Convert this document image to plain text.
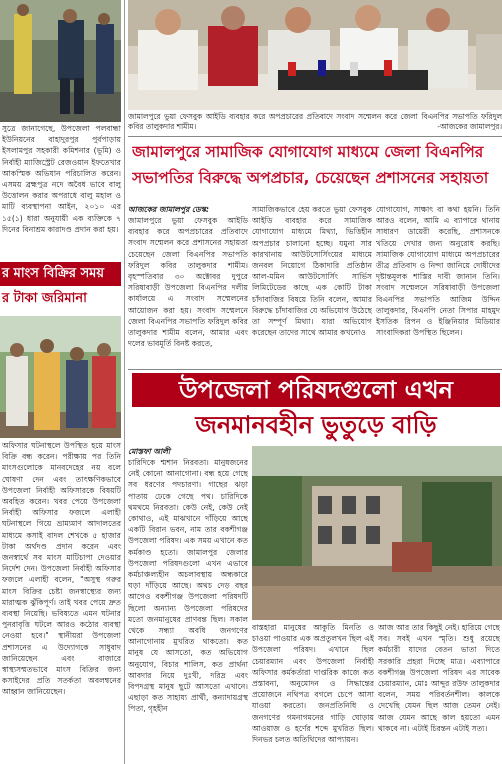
সুত্রে জানাগেছে, উপজেলা পলবান্ধা ইউনিয়নের বাহাদুরপুর পুর্বপাড়ায় ইসলামপুর সহকারী কমিশনার (ভূমি) ও নির্বাহী ম্যাজিস্ট্রেট রেজওয়ান ইফতেখার আকস্মিক অভিযান পরিচালিত করেন। এসময় ব্রহ্মপুত্র নদে অবৈধ ভাবে বালু উত্তোলন করার অপরাধে বালু মহাল ও মাটি ব্যবস্থাপনা আইন, ২০১০ এর ১৫(১) ধারা অনুযায়ী এক ব্যক্তিকে ৭ দিনের বিনাশ্রম কারাদণ্ড প্রদান করা হয়।
র মাংস বিক্রির সময়
র টাকা জরিমানা
অফিসার ঘটনাস্থলে উপস্থিত হয়ে মাংস বিক্রি বন্ধ করেন। পরীক্ষায় পর তিনি মাংসগুলোকে মানবদেহের নয় বলে ঘোষণা দেন এবং তাৎক্ষণিকভাবে উপজেলা নির্বাহী অফিসারকে বিষয়টি অবহিত করেন। খবর পেয়ে উপজেলা নির্বাহী অফিসার ফজলে এলাহী ঘটনাস্থলে গিয়ে ভ্রাম্যমাণ আদালতের মাধ্যমে কসাই বাদল শেখকে ৫ হাজার টাকা অর্থদণ্ড প্রদান করেন এবং জনস্বার্থে সব মাংস মাটিচাপা দেওয়ার নির্দেশ দেন। উপজেলা নির্বাহী অফিসার ফজলে এলাহী বলেন, "অসুস্থ গরুর মাংস বিক্রির চেষ্টা জনস্বাস্থ্যের জন্য মারাত্মক ঝুঁকিপূর্ণ। তাই খবর পেয়ে দ্রুত ব্যবস্থা নিয়েছি। ভবিষ্যতে এমন ঘটনার পুনরাবৃত্তি ঘটলে আরও কঠোর ব্যবস্থা নেওয়া হবে।" স্থানীয়রা উপজেলা প্রশাসনের এ উদ্যোগকে সাধুবাদ জানিয়েছেন এবং বাজারে স্বাস্থ্যসম্মতভাবে মাংস বিক্রির জন্য কসাইদের প্রতি সতর্কতা অবলম্বনের আহ্বান জানিয়েছেন।
জামালপুরে ভুয়া ফেসবুক আইডি ব্যবহার করে অপপ্রচারের প্রতিবাদে সংবাদ সম্মেলন করে জেলা বিএনপির সভাপতি ফরিদুল কবির তালুকদার শামীম।	-আজকের জামালপুর।
জামালপুরে সামাজিক যোগাযোগ মাধ্যমে জেলা বিএনপির
সভাপতির বিরুদ্ধে অপপ্রচার, চেয়েছেন প্রশাসনের সহায়তা
আজকের জামালপুর ডেস্ক:
জামালপুরে ভুয়া ফেসবুক আইডি ব্যবহার করে অপপ্রচারের প্রতিবাদে সংবাদ সম্মেলন করে প্রশাসনের সহায়তা চেয়েছেন জেলা বিএনপির সভাপতি ফরিদুল কবির তালুকদার শামীম। বৃহস্পতিবার ৩০ অক্টোবর দুপুরে সরিষাবাড়ী উপজেলা বিএনপির দলীয় কার্যালয়ে এ সংবাদ সম্মেলনের আয়োজন করা হয়। সংবাদ সম্মেলনে জেলা বিএনপির সভাপতি ফরিদুল কবির তালুকদার শামীম বলেন, আমার এবং দলের ভাবমূর্তি বিনষ্ট করতে,
সামাজিকভাবে হেয় করতে ভুয়া ফেসবুক আইডি ব্যবহার করে সামাজিক যোগাযোগ মাধ্যমে মিথ্যা, ভিত্তিহীন অপপ্রচার চালানো হচ্ছে। যমুনা সার কারখানায় আউটসোর্সিংয়ের মাধ্যমে জনবল নিয়োগে ঠিকাদারি প্রতিষ্ঠান আল-মমিন আউটসোর্সিং সার্ভিস লিমিটেডের কাছে এক কোটি টাকা চাঁদাবাজির বিষয়ে তিনি বলেন, আমার বিরুদ্ধে চাঁদাবাজির যে অভিযোগ উঠেছে তা সম্পূর্ণ মিথ্যা। যারা অভিযোগ করেছেন তাদের সাথে আমার কখনোও
যোগাযোগ, সাক্ষাৎ বা কথা হয়নি। তিনি আরও বলেন, আমি এ ব্যাপারে থানায় সাধারণ ডায়েরী করেছি, প্রশাসনকে খতিয়ে দেখার জন্য অনুরোধ করছি। সামাজিক যোগাযোগ মাধ্যমে অপপ্রচারের তীব্র প্রতিবাদ ও নিন্দা জানিয়ে দোষীদের দৃষ্টান্তমূলক শাস্তির দাবী জানান তিনি। সংবাদ সম্মেলনে সরিষাবাড়ী উপজেলা বিএনপির সভাপতি আজিম উদ্দিন তালুকদার, বিএনপি নেতা সিপার মাহমুদ ইসতিক রিপন ও ইঞ্জিনিয়ার মিডিয়ার সাংবাদিকরা উপস্থিত ছিলেন।
উপজেলা পরিষদগুলো এখন
জনমানবহীন ভুতুড়ে বাড়ি
মোস্তফা আলী
চারিদিকে শ্মশান নিরবতা। মানুষজনের নেই কোনো আনাগোনা। বন্ধ হয়ে গেছে সব ধরণের পদচারণা। গাছের ঝড়া পাতায় ঢেকে গেছে পথ। চারিদিকে থমথমে নিরবতা। কেউ নেই, কেউ নেই কোথাও, এই মাঝখানে দাঁড়িয়ে আছে একটি বিরান ভবন, নাম তার বকশীগঞ্জ উপজেলা পরিষদ। এক সময় এখানে কত কর্মকাণ্ড হতো। জামালপুর জেলার উপজেলা পরিষদগুলো এখন এভাবে কর্মচাঞ্চল্যহীন অচলাবস্থায় অন্ধকারে ঘড়া দাঁড়িয়ে আছে। অথচ দেড় বছর আগেও বকশীগঞ্জ উপজেলা পরিষদটি ছিলো অন্যান্য উপজেলা পরিষদের মতো জনমানুষের প্রাণবন্ত ছিল। সকাল থেকে সন্ধ্যা অবধি জনগণের আনাগোনায় মুখরিত থাকতো। কত মানুষ যে আসতো, কত অভিযোগ অনুযোগ, বিচার শালিস, কত প্রার্থনা আবদার নিয়ে দুঃখী, দরিদ্র এবং বিপদগ্রস্থ মানুষ ছুটে আসতো এখানে। এছাড়া কত সাহায্য প্রার্থী, কন্যাদায়গ্রস্থ পিতা, গৃহহীন
বাস্তহারা মানুষের আকুতি মিনতি ও চাওয়া পাওয়ার এক অপ্রতুলখন ছিল এই উপজেলা পরিষদ। এখানে ছিল চেয়ারম্যান এবং উপজেলা নির্বাহী অফিসার কর্মকর্তারা দাপ্তরিক কাজে কত প্রস্তাবনা, অনুমোদন ও সিদ্ধান্তের প্রয়োজনে নথিপত্র বগলে চেপে আসা যাওয়া করতো। জনপ্রতিনিধি ও জনগণের গমনাগমনের গাড়ি ঘোড়ায় আওয়াজ ও হর্ণের শব্দে মুখরিত ছিল। দিনভর চলত অতিথিদের আপ্যায়ন।
আজ আর তার কিছুই নেই। হারিয়ে গেছে সব। সবই এখন স্মৃতি। শুধু রয়েছে কর্মচারী যাদের বেতন ভাতা দিতে সরকারি প্রহরা দিচ্ছে মাত্র। এব্যাপারে বকশীগঞ্জ উপজেলা পরিষদ এর সাবেক চেয়ারম্যান, মোঃ আব্দুর রউফ তালুকদার বলেন, সময় পরিবর্তনশীল। কালকে দেখেছি যেমন ছিল আজ তেমন নেই। আজ যেমন আছে কাল হয়তো এমন থাকবে না। এটাই চিরন্তন এটাই সত্য।
